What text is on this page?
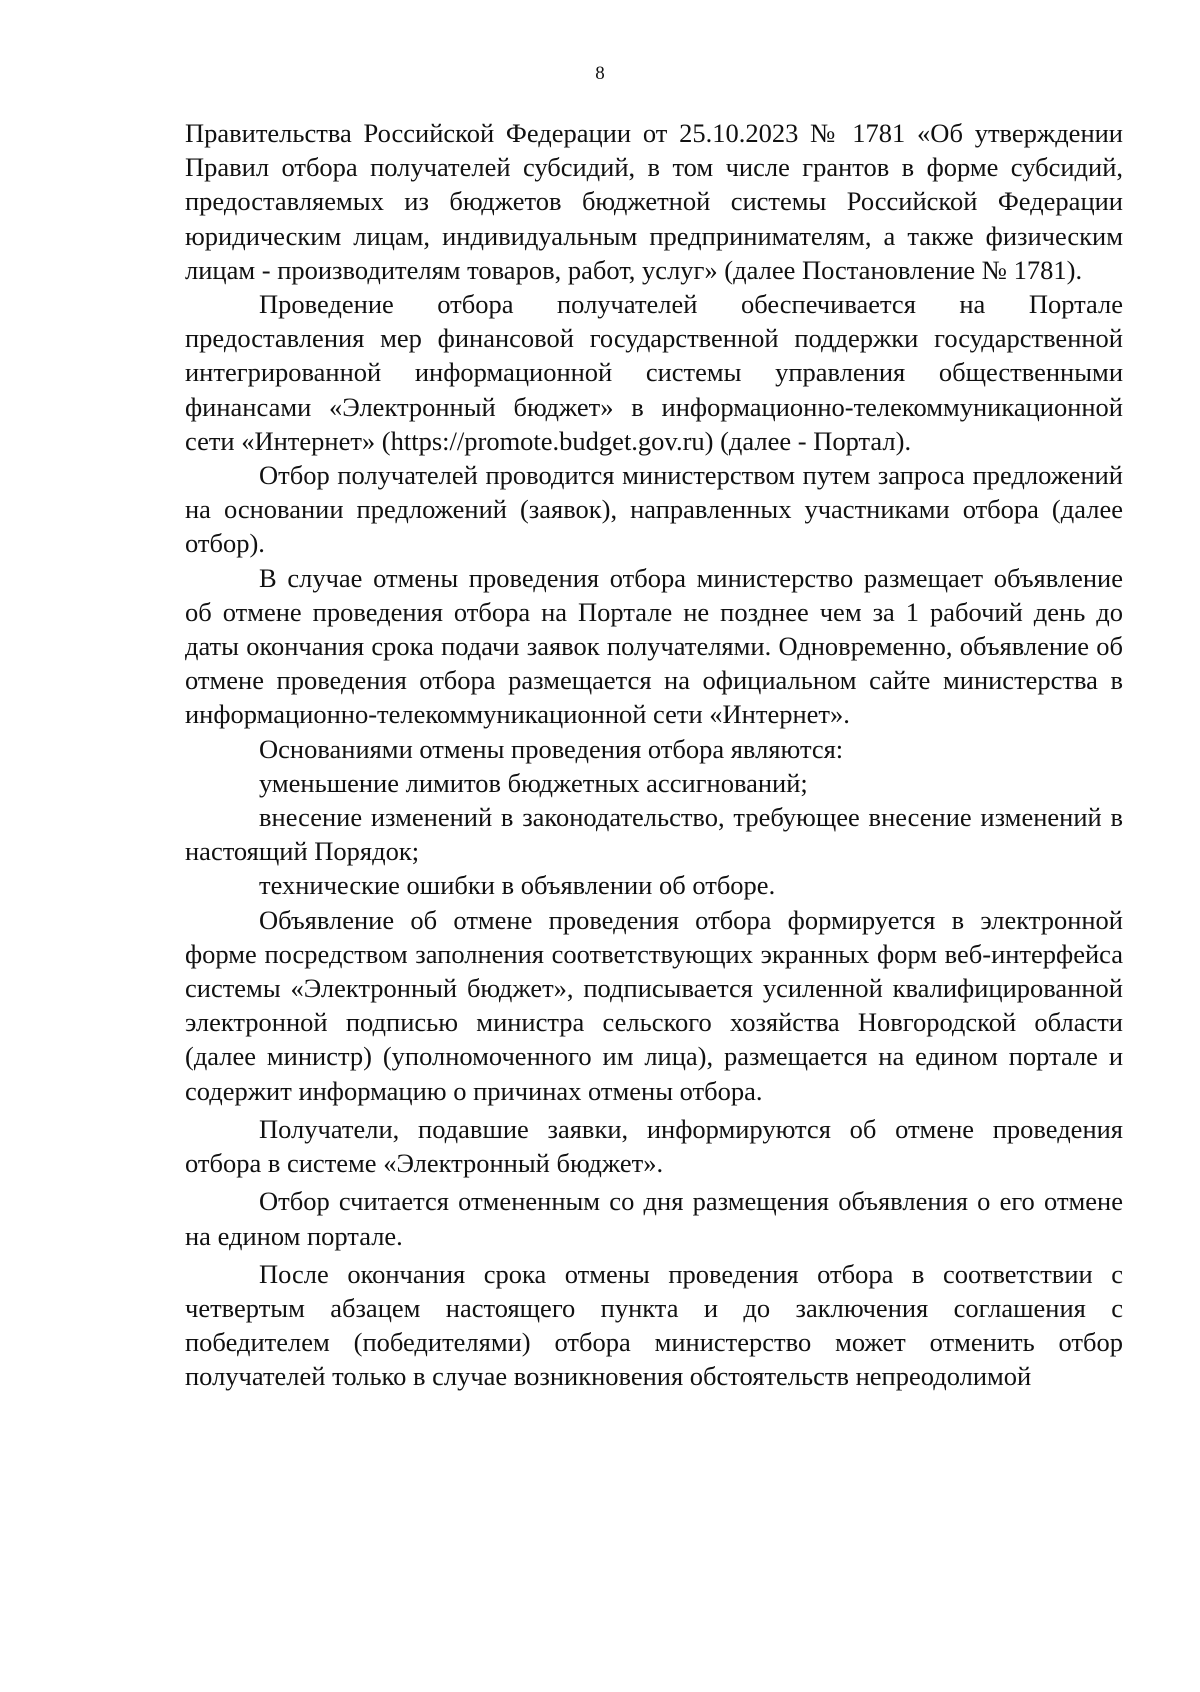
8

Правительства Российской Федерации от 25.10.2023 № 1781 «Об утверждении Правил отбора получателей субсидий, в том числе грантов в форме субсидий, предоставляемых из бюджетов бюджетной системы Российской Федерации юридическим лицам, индивидуальным предпринимателям, а также физическим лицам - производителям товаров, работ, услуг» (далее Постановление № 1781).

Проведение отбора получателей обеспечивается на Портале предоставления мер финансовой государственной поддержки государственной интегрированной информационной системы управления общественными финансами «Электронный бюджет» в информационно-телекоммуникационной сети «Интернет» (https://promote.budget.gov.ru) (далее - Портал).

Отбор получателей проводится министерством путем запроса предложений на основании предложений (заявок), направленных участниками отбора (далее отбор).

В случае отмены проведения отбора министерство размещает объявление об отмене проведения отбора на Портале не позднее чем за 1 рабочий день до даты окончания срока подачи заявок получателями. Одновременно, объявление об отмене проведения отбора размещается на официальном сайте министерства в информационно-телекоммуникационной сети «Интернет».

Основаниями отмены проведения отбора являются:

уменьшение лимитов бюджетных ассигнований;

внесение изменений в законодательство, требующее внесение изменений в настоящий Порядок;

технические ошибки в объявлении об отборе.

Объявление об отмене проведения отбора формируется в электронной форме посредством заполнения соответствующих экранных форм веб-интерфейса системы «Электронный бюджет», подписывается усиленной квалифицированной электронной подписью министра сельского хозяйства Новгородской области (далее министр) (уполномоченного им лица), размещается на едином портале и содержит информацию о причинах отмены отбора.

Получатели, подавшие заявки, информируются об отмене проведения отбора в системе «Электронный бюджет».

Отбор считается отмененным со дня размещения объявления о его отмене на едином портале.

После окончания срока отмены проведения отбора в соответствии с четвертым абзацем настоящего пункта и до заключения соглашения с победителем (победителями) отбора министерство может отменить отбор получателей только в случае возникновения обстоятельств непреодолимой
